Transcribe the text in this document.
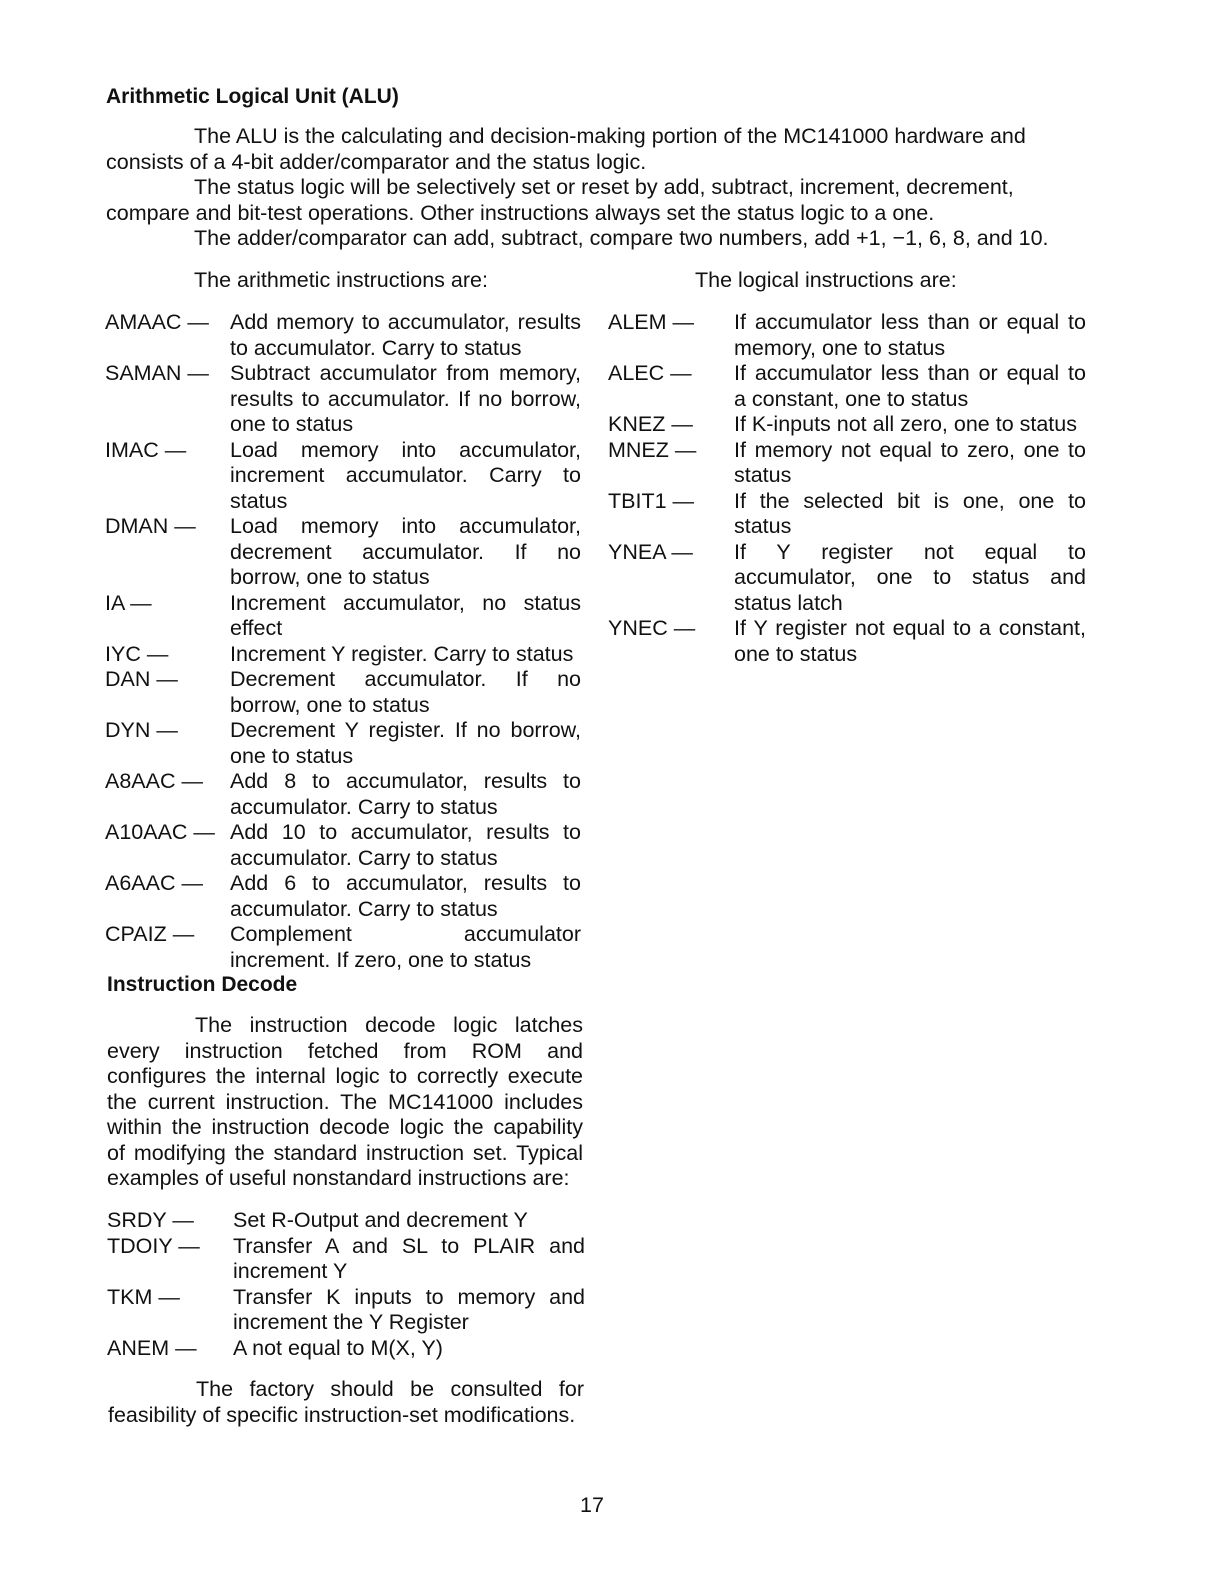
Arithmetic Logical Unit (ALU)

The ALU is the calculating and decision-making portion of the MC141000 hardware and consists of a 4-bit adder/comparator and the status logic.

The status logic will be selectively set or reset by add, subtract, increment, decrement, compare and bit-test operations. Other instructions always set the status logic to a one.

The adder/comparator can add, subtract, compare two numbers, add +1, −1, 6, 8, and 10.

The arithmetic instructions are:	The logical instructions are:

AMAAC — Add memory to accumulator, results to accumulator. Carry to status
SAMAN — Subtract accumulator from memory, results to accumulator. If no borrow, one to status
IMAC —	Load memory into accumulator, increment accumulator. Carry to status
DMAN —	Load memory into accumulator, decrement accumulator. If no borrow, one to status
IA —	Increment accumulator, no status effect
IYC —	Increment Y register. Carry to status
DAN —	Decrement accumulator. If no borrow, one to status
DYN —	Decrement Y register. If no borrow, one to status
A8AAC —	Add 8 to accumulator, results to accumulator. Carry to status
A10AAC — Add 10 to accumulator, results to accumulator. Carry to status
A6AAC —	Add 6 to accumulator, results to accumulator. Carry to status
CPAIZ —	Complement accumulator increment. If zero, one to status
ALEM —	If accumulator less than or equal to memory, one to status
ALEC —	If accumulator less than or equal to a constant, one to status
KNEZ —	If K-inputs not all zero, one to status
MNEZ —	If memory not equal to zero, one to status
TBIT1 —	If the selected bit is one, one to status
YNEA —	If Y register not equal to accumulator, one to status and status latch
YNEC —	If Y register not equal to a constant, one to status
Instruction Decode

The instruction decode logic latches every instruction fetched from ROM and configures the internal logic to correctly execute the current instruction. The MC141000 includes within the instruction decode logic the capability of modifying the standard instruction set. Typical examples of useful nonstandard instructions are:

SRDY —	Set R-Output and decrement Y
TDOIY —	Transfer A and SL to PLAIR and increment Y
TKM —	Transfer K inputs to memory and increment the Y Register
ANEM —	A not equal to M(X, Y)

The factory should be consulted for feasibility of specific instruction-set modifications.

17
